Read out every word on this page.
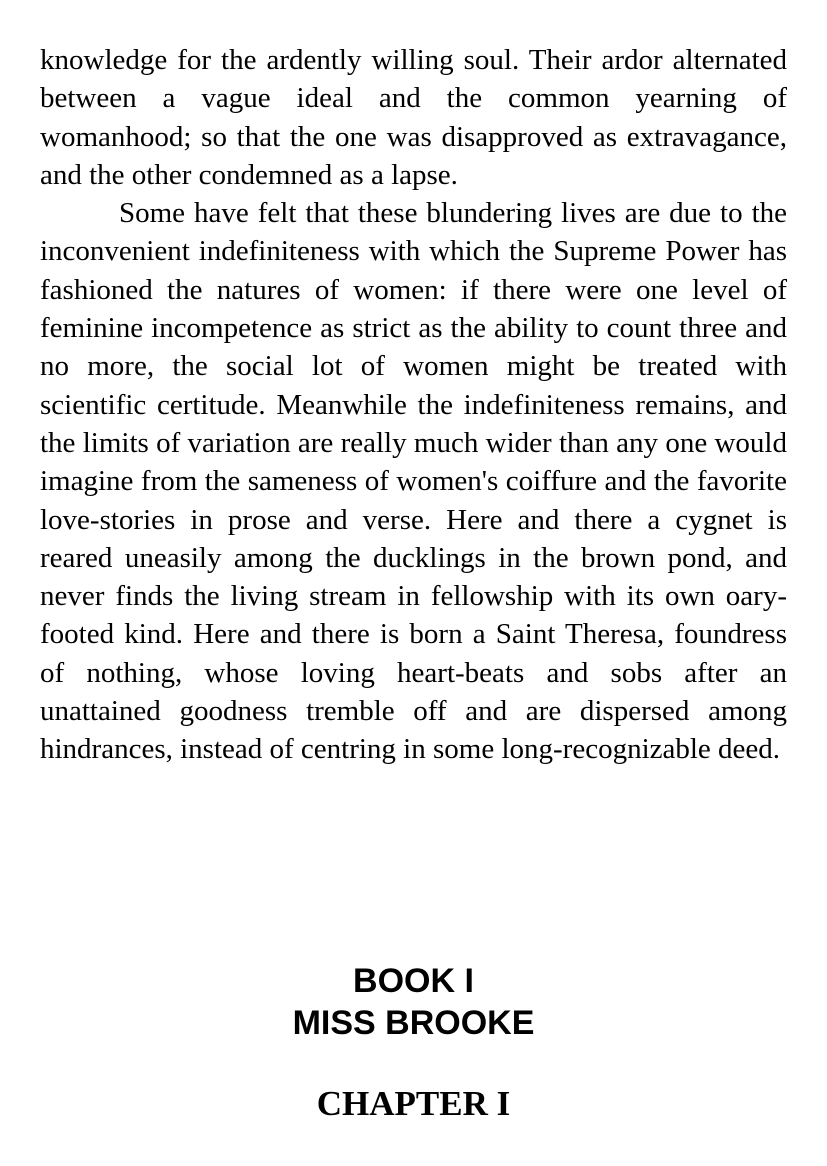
knowledge for the ardently willing soul. Their ardor alternated between a vague ideal and the common yearning of womanhood; so that the one was disapproved as extravagance, and the other condemned as a lapse.

Some have felt that these blundering lives are due to the inconvenient indefiniteness with which the Supreme Power has fashioned the natures of women: if there were one level of feminine incompetence as strict as the ability to count three and no more, the social lot of women might be treated with scientific certitude. Meanwhile the indefiniteness remains, and the limits of variation are really much wider than any one would imagine from the sameness of women's coiffure and the favorite love-stories in prose and verse. Here and there a cygnet is reared uneasily among the ducklings in the brown pond, and never finds the living stream in fellowship with its own oary-footed kind. Here and there is born a Saint Theresa, foundress of nothing, whose loving heart-beats and sobs after an unattained goodness tremble off and are dispersed among hindrances, instead of centring in some long-recognizable deed.

BOOK I
MISS BROOKE
CHAPTER I
